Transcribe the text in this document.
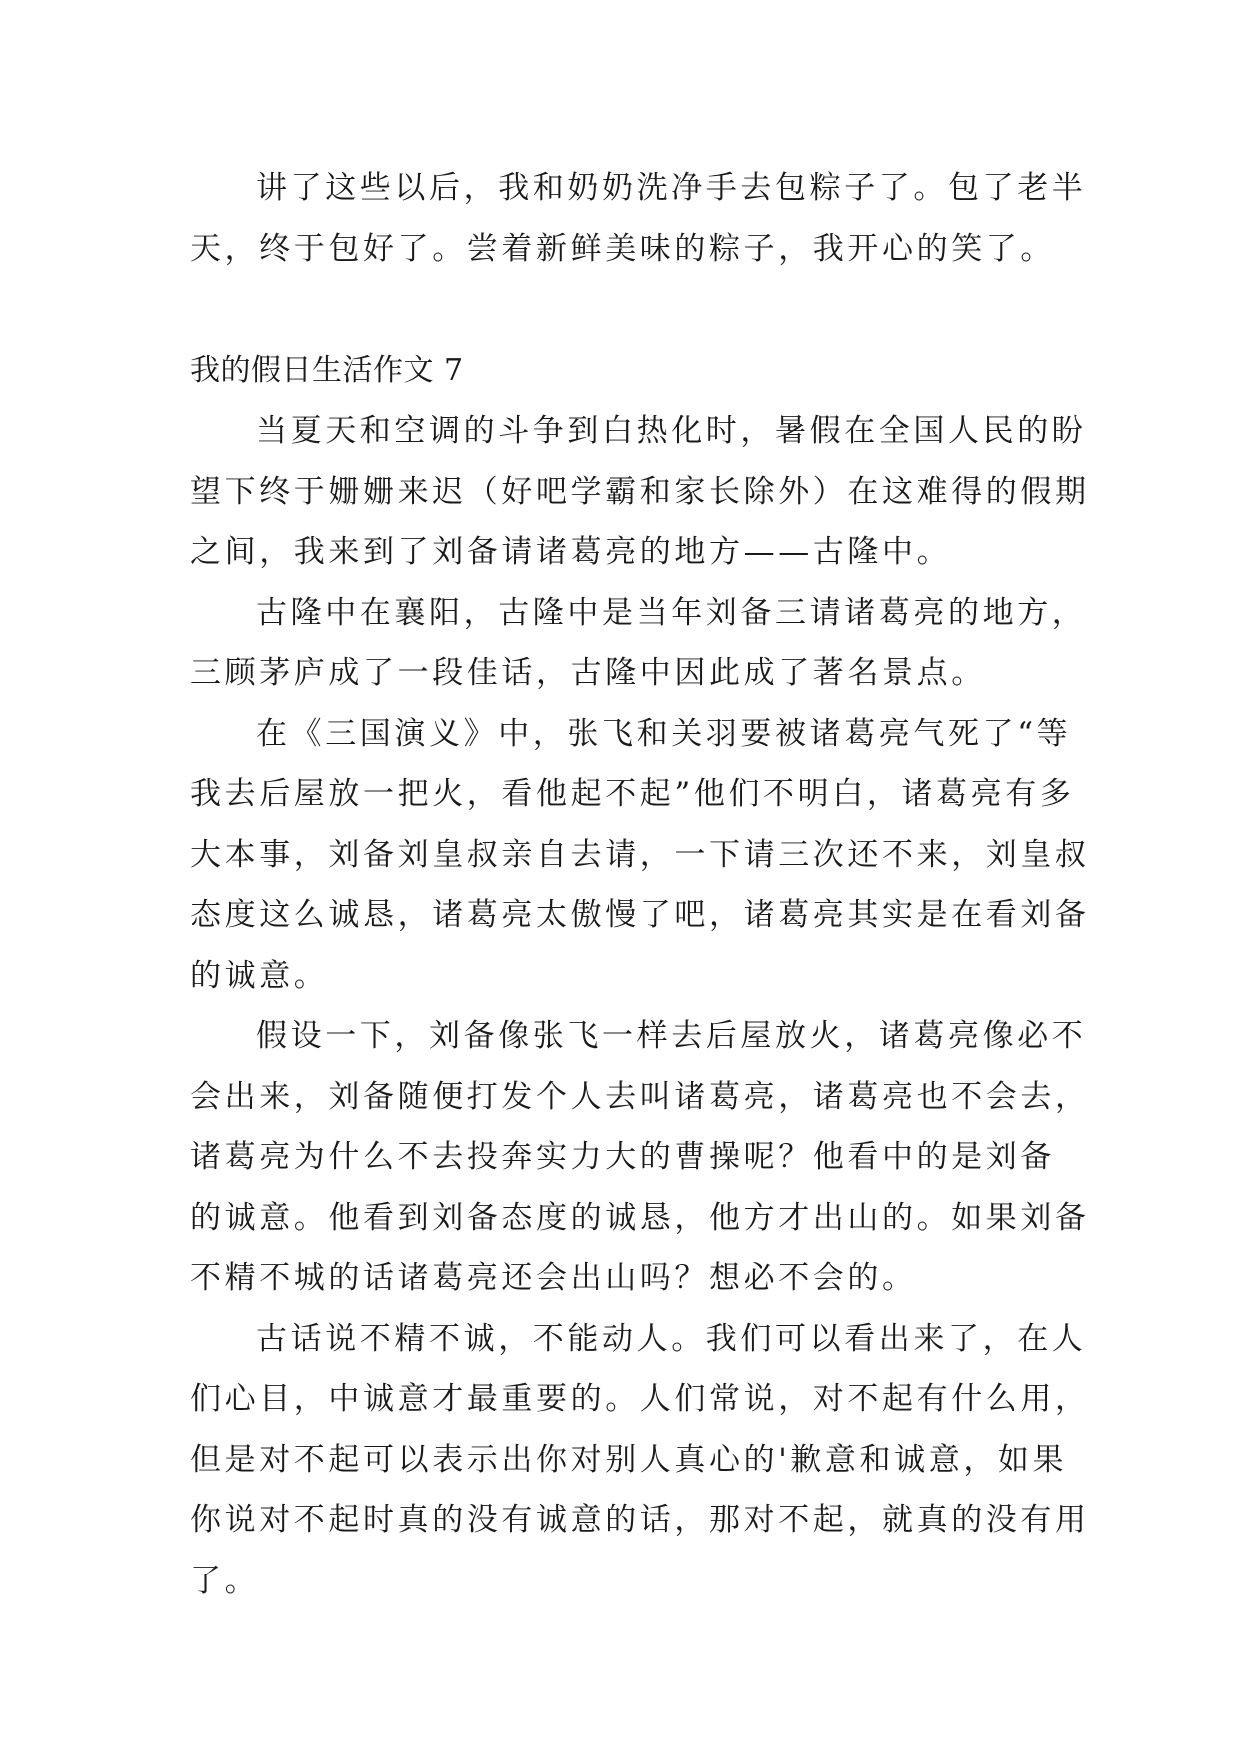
讲了这些以后，我和奶奶洗净手去包粽子了。包了老半
天，终于包好了。尝着新鲜美味的粽子，我开心的笑了。
我的假日生活作文 7
当夏天和空调的斗争到白热化时，暑假在全国人民的盼
望下终于姗姗来迟（好吧学霸和家长除外）在这难得的假期
之间，我来到了刘备请诸葛亮的地方——古隆中。
古隆中在襄阳，古隆中是当年刘备三请诸葛亮的地方，
三顾茅庐成了一段佳话，古隆中因此成了著名景点。
在《三国演义》中，张飞和关羽要被诸葛亮气死了“等
我去后屋放一把火，看他起不起”他们不明白，诸葛亮有多
大本事，刘备刘皇叔亲自去请，一下请三次还不来，刘皇叔
态度这么诚恳，诸葛亮太傲慢了吧，诸葛亮其实是在看刘备
的诚意。
假设一下，刘备像张飞一样去后屋放火，诸葛亮像必不
会出来，刘备随便打发个人去叫诸葛亮，诸葛亮也不会去，
诸葛亮为什么不去投奔实力大的曹操呢？他看中的是刘备
的诚意。他看到刘备态度的诚恳，他方才出山的。如果刘备
不精不城的话诸葛亮还会出山吗？想必不会的。
古话说不精不诚，不能动人。我们可以看出来了，在人
们心目，中诚意才最重要的。人们常说，对不起有什么用，
但是对不起可以表示出你对别人真心的'歉意和诚意，如果
你说对不起时真的没有诚意的话，那对不起，就真的没有用
了。
